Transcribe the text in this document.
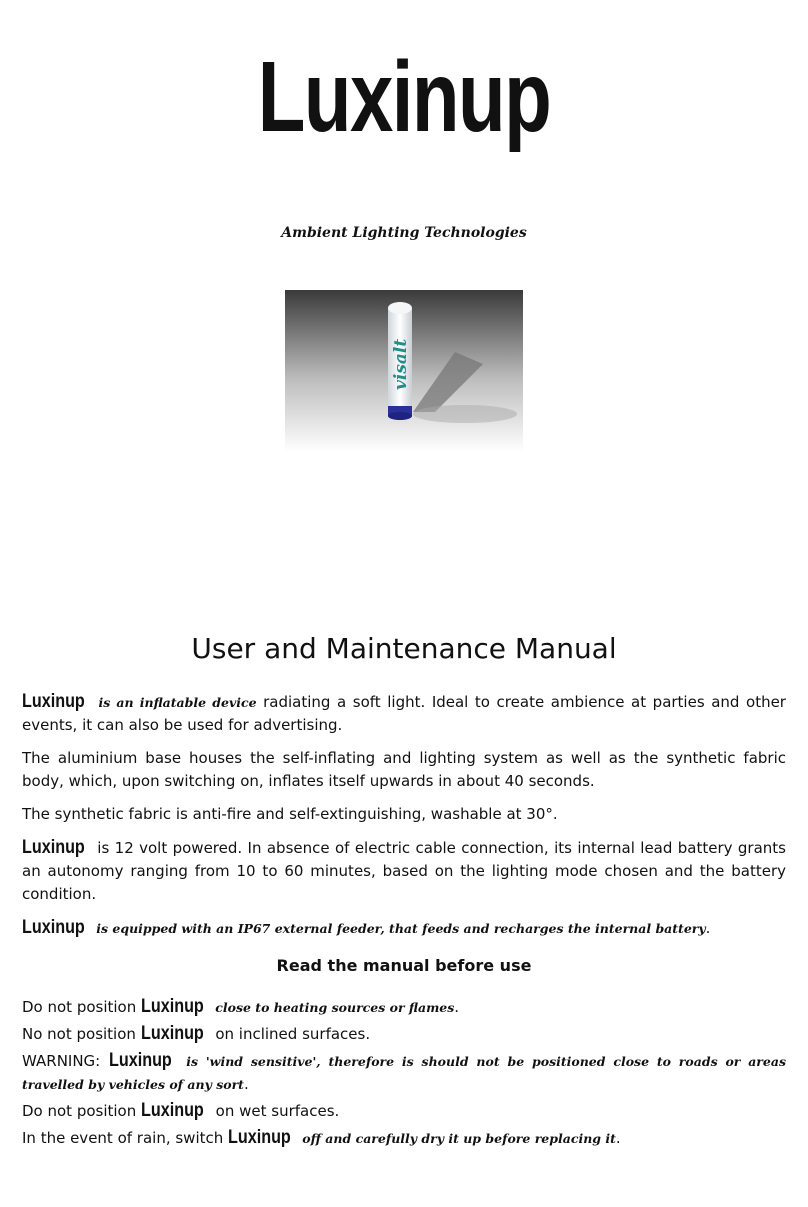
Luxinup
Ambient Lighting Technologies
visalt
User and Maintenance Manual

Luxinup is an inflatable device radiating a soft light. Ideal to create ambience at parties and other events, it can also be used for advertising.

The aluminium base houses the self-inflating and lighting system as well as the synthetic fabric body, which, upon switching on, inflates itself upwards in about 40 seconds.

The synthetic fabric is anti-fire and self-extinguishing, washable at 30°.

Luxinup is 12 volt powered. In absence of electric cable connection, its internal lead battery grants an autonomy ranging from 10 to 60 minutes, based on the lighting mode chosen and the battery condition.

Luxinup is equipped with an IP67 external feeder, that feeds and recharges the internal battery.

Read the manual before use

Do not position Luxinup close to heating sources or flames.

No not position Luxinup on inclined surfaces.

WARNING: Luxinup is 'wind sensitive', therefore is should not be positioned close to roads or areas travelled by vehicles of any sort.

Do not position Luxinup on wet surfaces.

In the event of rain, switch Luxinup off and carefully dry it up before replacing it.
